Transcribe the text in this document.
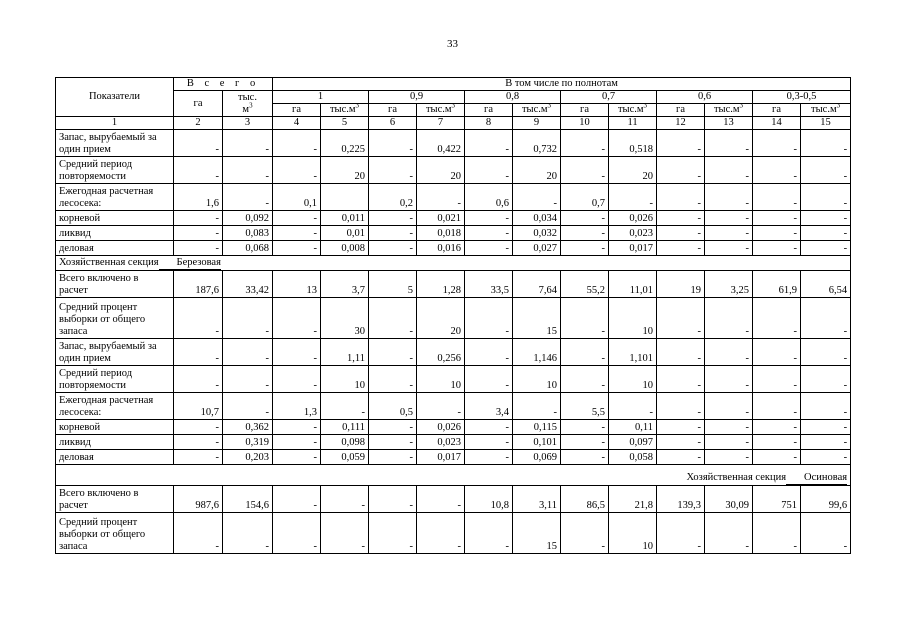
33
Показатели	В с е г о		В том числе по полнотам											
	га	тыс.
$м^3$	1		0,9		0,8		0,7		0,6		0,3-0,5	
			га	$тыс.м^3$	га	$тыс.м^3$	га	$тыс.м^3$	га	$тыс.м^3$	га	$тыс.м^3$	га	$тыс.м^3$
1	2	3	4	5	6	7	8	9	10	11	12	13	14	15
Запас, вырубаемый за один прием	-	-	-	0,225	-	0,422	-	0,732	-	0,518	-	-	-	-
Средний период повторяемости	-	-	-	20	-	20	-	20	-	20	-	-	-	-
Ежегодная расчетная лесосека:	1,6	-	0,1		0,2	-	0,6	-	0,7	-	-	-	-	-
корневой	-	0,092	-	0,011	-	0,021	-	0,034	-	0,026	-	-	-	-
ликвид	-	0,083	-	0,01	-	0,018	-	0,032	-	0,023	-	-	-	-
деловая	-	0,068	-	0,008	-	0,016	-	0,027	-	0,017	-	-	-	-
Хозяйственная секция Березовая														
Всего включено в расчет	187,6	33,42	13	3,7	5	1,28	33,5	7,64	55,2	11,01	19	3,25	61,9	6,54
Средний процент выборки от общего запаса	-	-	-	30	-	20	-	15	-	10	-	-	-	-
Запас, вырубаемый за один прием	-	-	-	1,11	-	0,256	-	1,146	-	1,101	-	-	-	-
Средний период повторяемости	-	-	-	10	-	10	-	10	-	10	-	-	-	-
Ежегодная расчетная лесосека:	10,7	-	1,3	-	0,5	-	3,4	-	5,5	-	-	-	-	-
корневой	-	0,362	-	0,111	-	0,026	-	0,115	-	0,11	-	-	-	-
ликвид	-	0,319	-	0,098	-	0,023	-	0,101	-	0,097	-	-	-	-
деловая	-	0,203	-	0,059	-	0,017	-	0,069	-	0,058	-	-	-	-
Хозяйственная секция Осиновая														
Всего включено в расчет	987,6	154,6	-	-	-	-	10,8	3,11	86,5	21,8	139,3	30,09	751	99,6
Средний процент выборки от общего запаса	-	-	-	-	-	-	-	15	-	10	-	-	-	-
